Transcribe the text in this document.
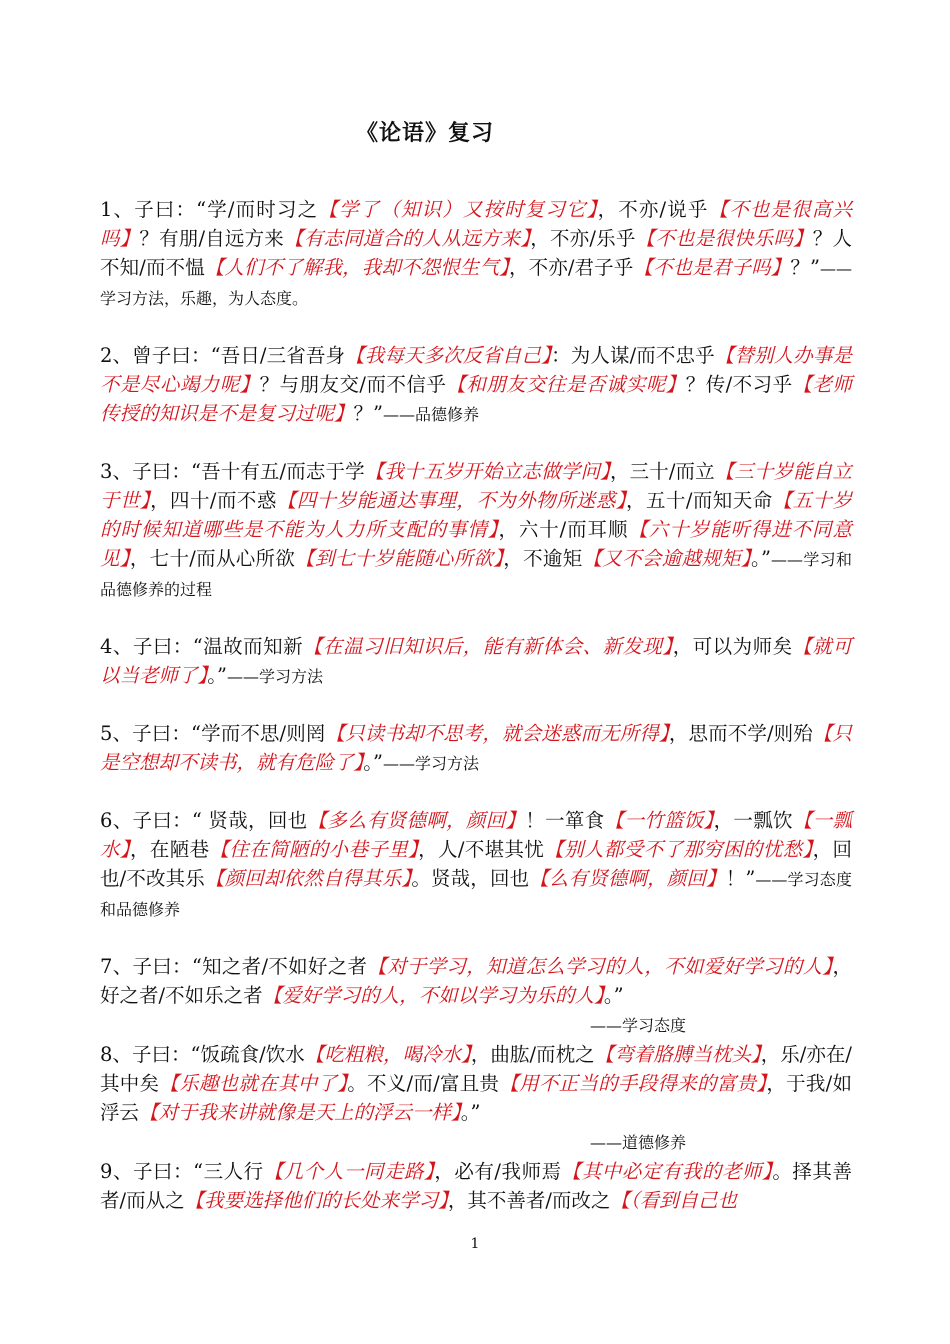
《论语》复习
1、子曰：“学/而时习之【学了（知识）又按时复习它】，不亦/说乎【不也是很高兴吗】？有朋/自远方来【有志同道合的人从远方来】，不亦/乐乎【不也是很快乐吗】？人不知/而不愠【人们不了解我，我却不怨恨生气】，不亦/君子乎【不也是君子吗】？”——学习方法，乐趣，为人态度。
2、曾子曰：“吾日/三省吾身【我每天多次反省自己】：为人谋/而不忠乎【替别人办事是不是尽心竭力呢】？与朋友交/而不信乎【和朋友交往是否诚实呢】？传/不习乎【老师传授的知识是不是复习过呢】？”——品德修养
3、子曰：“吾十有五/而志于学【我十五岁开始立志做学问】，三十/而立【三十岁能自立于世】，四十/而不惑【四十岁能通达事理，不为外物所迷惑】，五十/而知天命【五十岁的时候知道哪些是不能为人力所支配的事情】，六十/而耳顺【六十岁能听得进不同意见】，七十/而从心所欲【到七十岁能随心所欲】，不逾矩【又不会逾越规矩】。”——学习和品德修养的过程
4、子曰：“温故而知新【在温习旧知识后，能有新体会、新发现】，可以为师矣【就可以当老师了】。”——学习方法
5、子曰：“学而不思/则罔【只读书却不思考，就会迷惑而无所得】，思而不学/则殆【只是空想却不读书，就有危险了】。”——学习方法
6、子曰：“ 贤哉，回也【多么有贤德啊，颜回】！一箪食【一竹篮饭】，一瓢饮【一瓢水】，在陋巷【住在简陋的小巷子里】，人/不堪其忧【别人都受不了那穷困的忧愁】，回也/不改其乐【颜回却依然自得其乐】。贤哉，回也【么有贤德啊，颜回】！”——学习态度和品德修养
7、子曰：“知之者/不如好之者【对于学习，知道怎么学习的人，不如爱好学习的人】，好之者/不如乐之者【爱好学习的人，不如以学习为乐的人】。”
——学习态度
8、子曰：“饭疏食/饮水【吃粗粮，喝冷水】，曲肱/而枕之【弯着胳膊当枕头】，乐/亦在/其中矣【乐趣也就在其中了】。不义/而/富且贵【用不正当的手段得来的富贵】，于我/如浮云【对于我来讲就像是天上的浮云一样】。”
——道德修养
9、子曰：“三人行【几个人一同走路】，必有/我师焉【其中必定有我的老师】。择其善者/而从之【我要选择他们的长处来学习】，其不善者/而改之【（看到自己也
1
